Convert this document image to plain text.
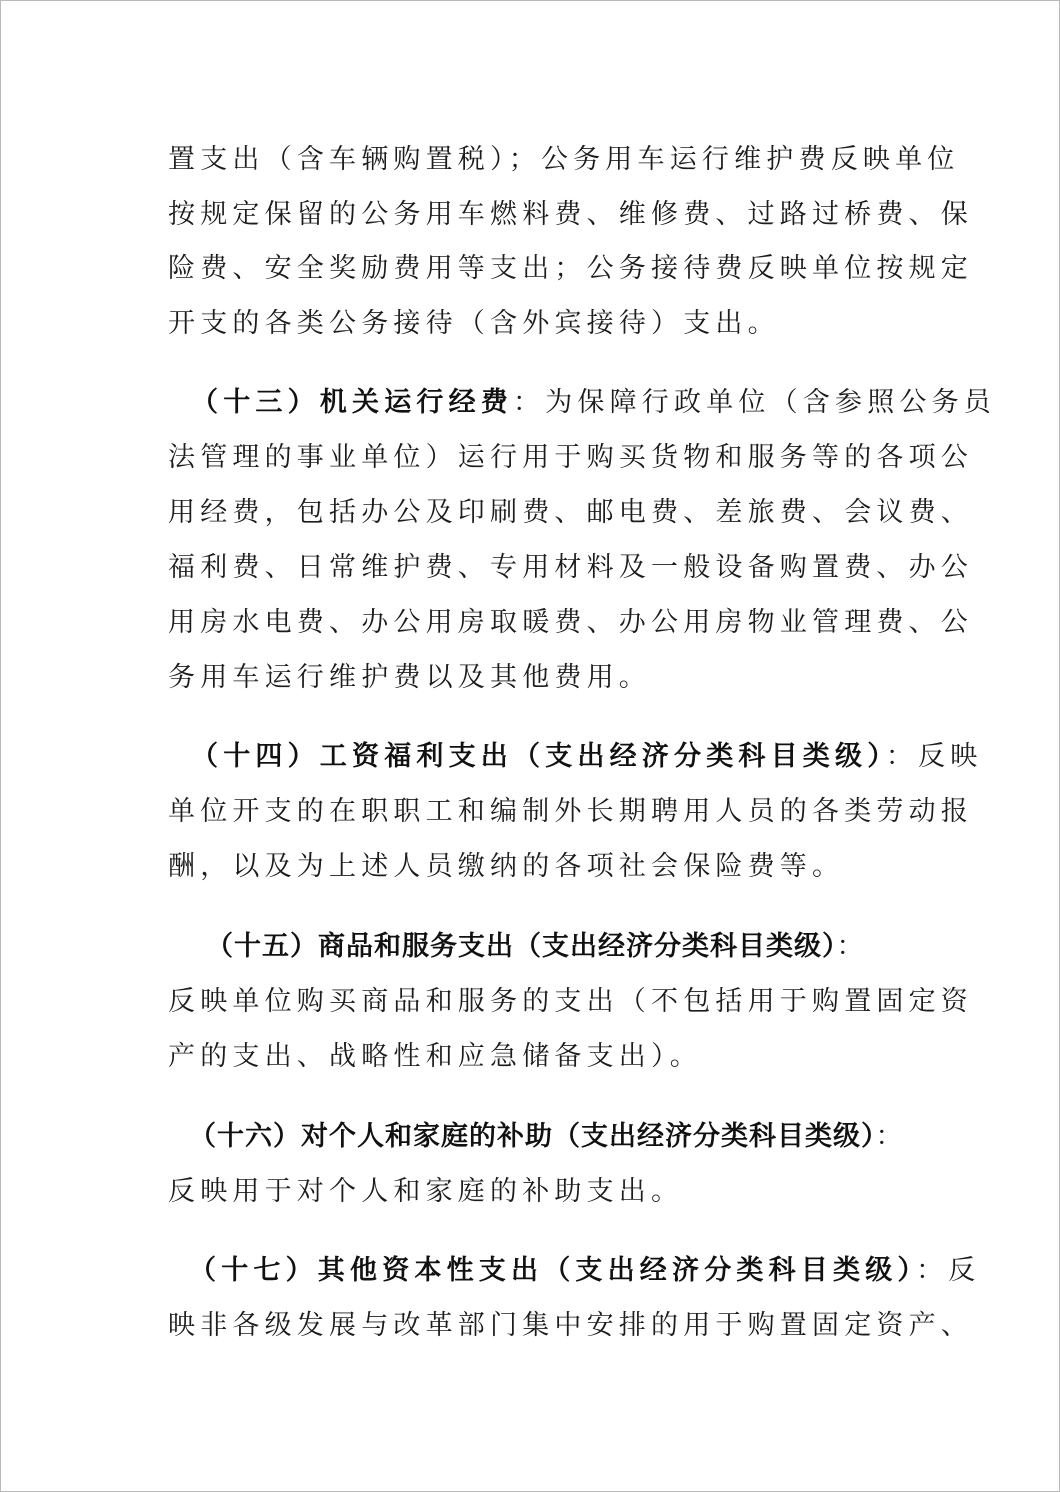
置支出（含车辆购置税）；公务用车运行维护费反映单位
按规定保留的公务用车燃料费、维修费、过路过桥费、保
险费、安全奖励费用等支出；公务接待费反映单位按规定
开支的各类公务接待（含外宾接待）支出。
（十三）机关运行经费：为保障行政单位（含参照公务员
法管理的事业单位）运行用于购买货物和服务等的各项公
用经费，包括办公及印刷费、邮电费、差旅费、会议费、
福利费、日常维护费、专用材料及一般设备购置费、办公
用房水电费、办公用房取暖费、办公用房物业管理费、公
务用车运行维护费以及其他费用。
（十四）工资福利支出（支出经济分类科目类级）：反映
单位开支的在职职工和编制外长期聘用人员的各类劳动报
酬，以及为上述人员缴纳的各项社会保险费等。
（十五）商品和服务支出（支出经济分类科目类级）：
反映单位购买商品和服务的支出（不包括用于购置固定资
产的支出、战略性和应急储备支出）。
（十六）对个人和家庭的补助（支出经济分类科目类级）：
反映用于对个人和家庭的补助支出。
（十七）其他资本性支出（支出经济分类科目类级）：反
映非各级发展与改革部门集中安排的用于购置固定资产、
